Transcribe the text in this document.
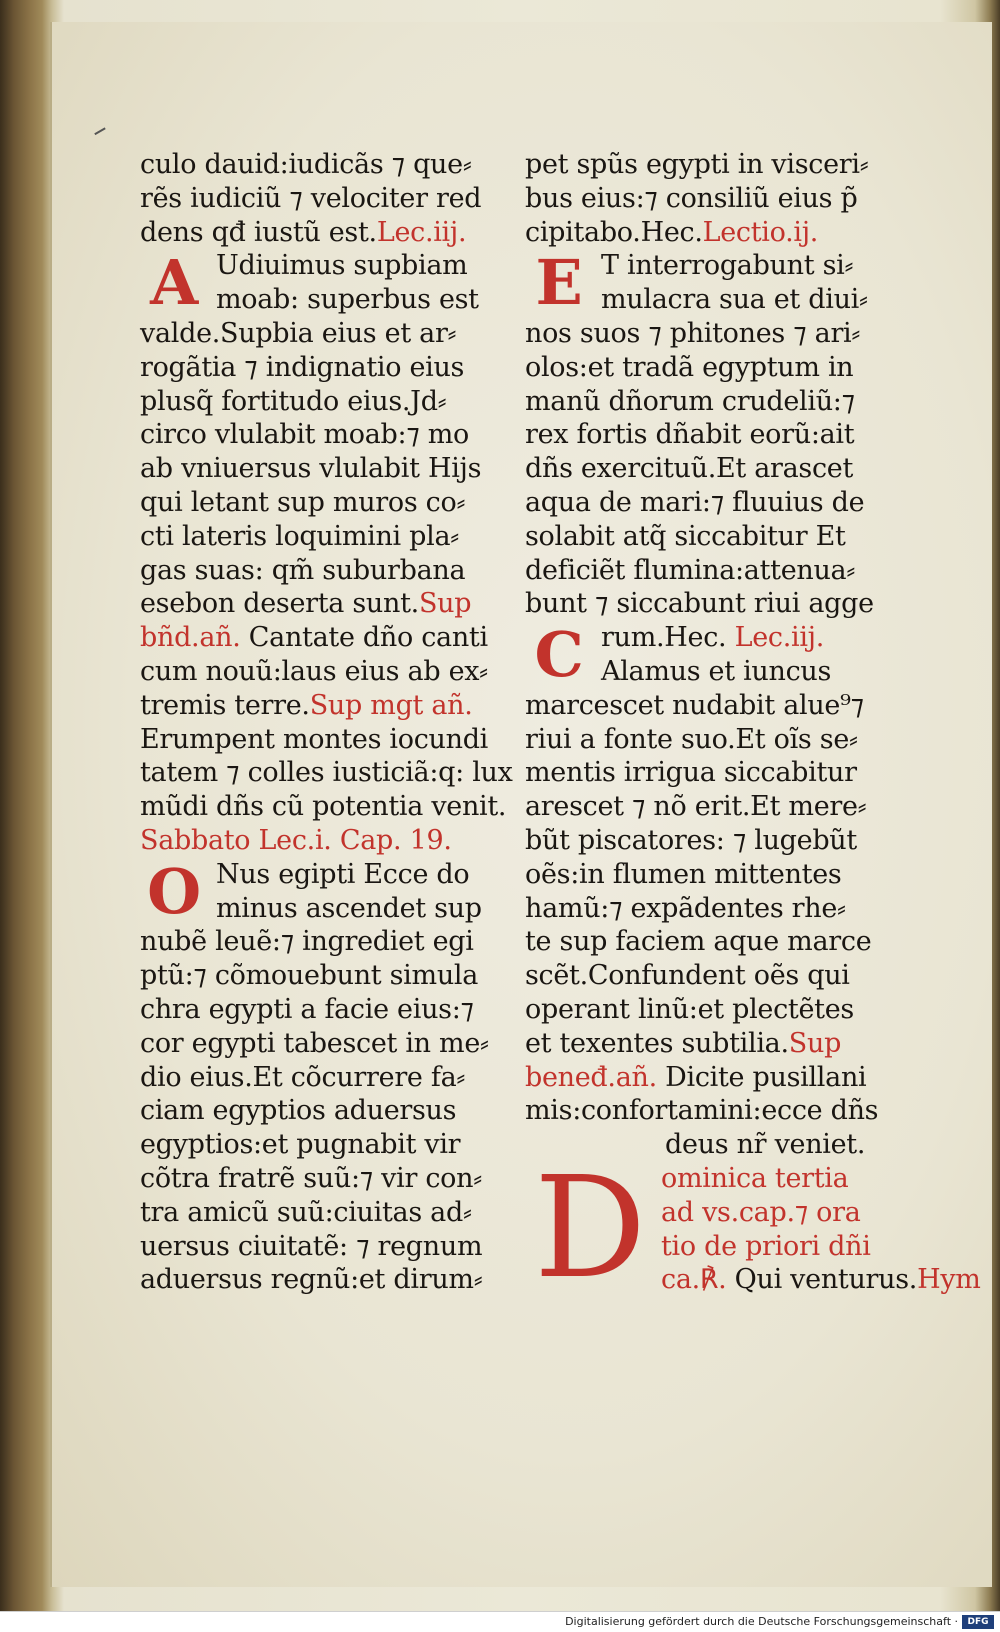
culo dauid:iudicãs ⁊ que⸗
rẽs iudiciũ ⁊ velociter red
dens qđ iustũ est.Lec.iij.
A Udiuimus supbiam
moab: superbus est
valde.Supbia eius et ar⸗
rogãtia ⁊ indignatio eius
plusq̃ fortitudo eius.Jd⸗
circo vlulabit moab:⁊ mo
ab vniuersus vlulabit Hijs
qui letant sup muros co⸗
cti lateris loquimini pla⸗
gas suas: qm̃ suburbana
esebon deserta sunt.Sup
bñd.añ. Cantate dño canti
cum nouũ:laus eius ab ex⸗
tremis terre.Sup mgt añ.
Erumpent montes iocundi
tatem ⁊ colles iusticiã:q: lux
mũdi dñs cũ potentia venit.
Sabbato Lec.i. Cap. 19.
O Nus egipti Ecce do
minus ascendet sup
nubẽ leuẽ:⁊ ingrediet egi
ptũ:⁊ cõmouebunt simula
chra egypti a facie eius:⁊
cor egypti tabescet in me⸗
dio eius.Et cõcurrere fa⸗
ciam egyptios aduersus
egyptios:et pugnabit vir
cõtra fratrẽ suũ:⁊ vir con⸗
tra amicũ suũ:ciuitas ad⸗
uersus ciuitatẽ: ⁊ regnum
aduersus regnũ:et dirum⸗
pet spũs egypti in visceri⸗
bus eius:⁊ consiliũ eius p̃
cipitabo.Hec.Lectio.ij.
E T interrogabunt si⸗
mulacra sua et diui⸗
nos suos ⁊ phitones ⁊ ari⸗
olos:et tradã egyptum in
manũ dñorum crudeliũ:⁊
rex fortis dñabit eorũ:ait
dñs exercituũ.Et arascet
aqua de mari:⁊ fluuius de
solabit atq̃ siccabitur Et
deficiẽt flumina:attenua⸗
bunt ⁊ siccabunt riui agge
C rum.Hec. Lec.iij.
Alamus et iuncus
marcescet nudabit alue⁹⁊
riui a fonte suo.Et oĩs se⸗
mentis irrigua siccabitur
arescet ⁊ nõ erit.Et mere⸗
bũt piscatores: ⁊ lugebũt
oẽs:in flumen mittentes
hamũ:⁊ expãdentes rhe⸗
te sup faciem aque marce
scẽt.Confundent oẽs qui
operant linũ:et plectẽtes
et texentes subtilia.Sup
beneđ.añ. Dicite pusillani
mis:confortamini:ecce dñs
deus nr̃ veniet.
D ominica tertia
ad vs.cap.⁊ ora
tio de priori dñi
ca.℟. Qui venturus.Hym
Digitalisierung gefördert durch die Deutsche Forschungsgemeinschaft ·	DFG
